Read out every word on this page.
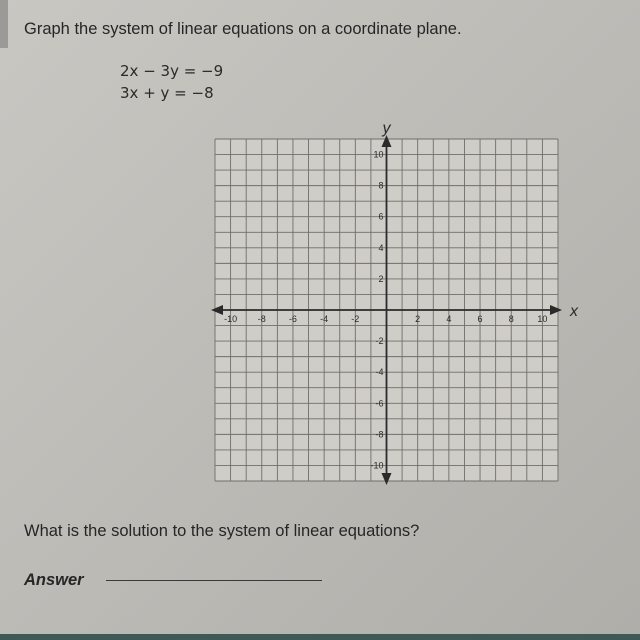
Graph the system of linear equations on a coordinate plane.
2x − 3y = −9
3x + y = −8
x
y
-10 -8	-6	-4	-2	2	4	6	8	10
10
8
6
4
2
-2
-4
-6
-8
-10
What is the solution to the system of linear equations?
Answer
